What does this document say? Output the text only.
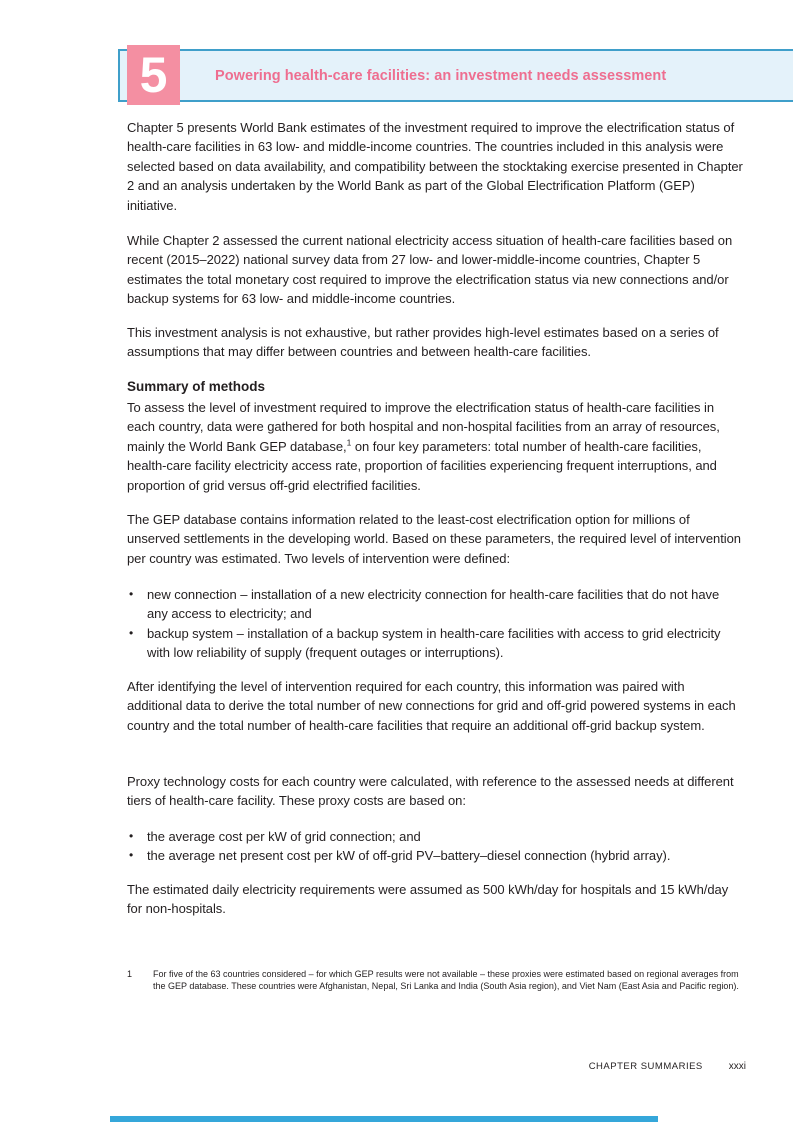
5	Powering health-care facilities: an investment needs assessment

Chapter 5 presents World Bank estimates of the investment required to improve the electrification status of health-care facilities in 63 low- and middle-income countries. The countries included in this analysis were selected based on data availability, and compatibility between the stocktaking exercise presented in Chapter 2 and an analysis undertaken by the World Bank as part of the Global Electrification Platform (GEP) initiative.

While Chapter 2 assessed the current national electricity access situation of health-care facilities based on recent (2015–2022) national survey data from 27 low- and lower-middle-income countries, Chapter 5 estimates the total monetary cost required to improve the electrification status via new connections and/or backup systems for 63 low- and middle-income countries.

This investment analysis is not exhaustive, but rather provides high-level estimates based on a series of assumptions that may differ between countries and between health-care facilities.

Summary of methods

To assess the level of investment required to improve the electrification status of health-care facilities in each country, data were gathered for both hospital and non-hospital facilities from an array of resources, mainly the World Bank GEP database,$^1$ on four key parameters: total number of health-care facilities, health-care facility electricity access rate, proportion of facilities experiencing frequent interruptions, and proportion of grid versus off-grid electrified facilities.

The GEP database contains information related to the least-cost electrification option for millions of unserved settlements in the developing world. Based on these parameters, the required level of intervention per country was estimated. Two levels of intervention were defined:

• new connection – installation of a new electricity connection for health-care facilities that do not have any access to electricity; and
• backup system – installation of a backup system in health-care facilities with access to grid electricity with low reliability of supply (frequent outages or interruptions).

After identifying the level of intervention required for each country, this information was paired with additional data to derive the total number of new connections for grid and off-grid powered systems in each country and the total number of health-care facilities that require an additional off-grid backup system.

Proxy technology costs for each country were calculated, with reference to the assessed needs at different tiers of health-care facility. These proxy costs are based on:

• the average cost per kW of grid connection; and
• the average net present cost per kW of off-grid PV–battery–diesel connection (hybrid array).

The estimated daily electricity requirements were assumed as 500 kWh/day for hospitals and 15 kWh/day for non-hospitals.

1 For five of the 63 countries considered – for which GEP results were not available – these proxies were estimated based on regional averages from the GEP database. These countries were Afghanistan, Nepal, Sri Lanka and India (South Asia region), and Viet Nam (East Asia and Pacific region).

CHAPTER SUMMARIES	xxxi
